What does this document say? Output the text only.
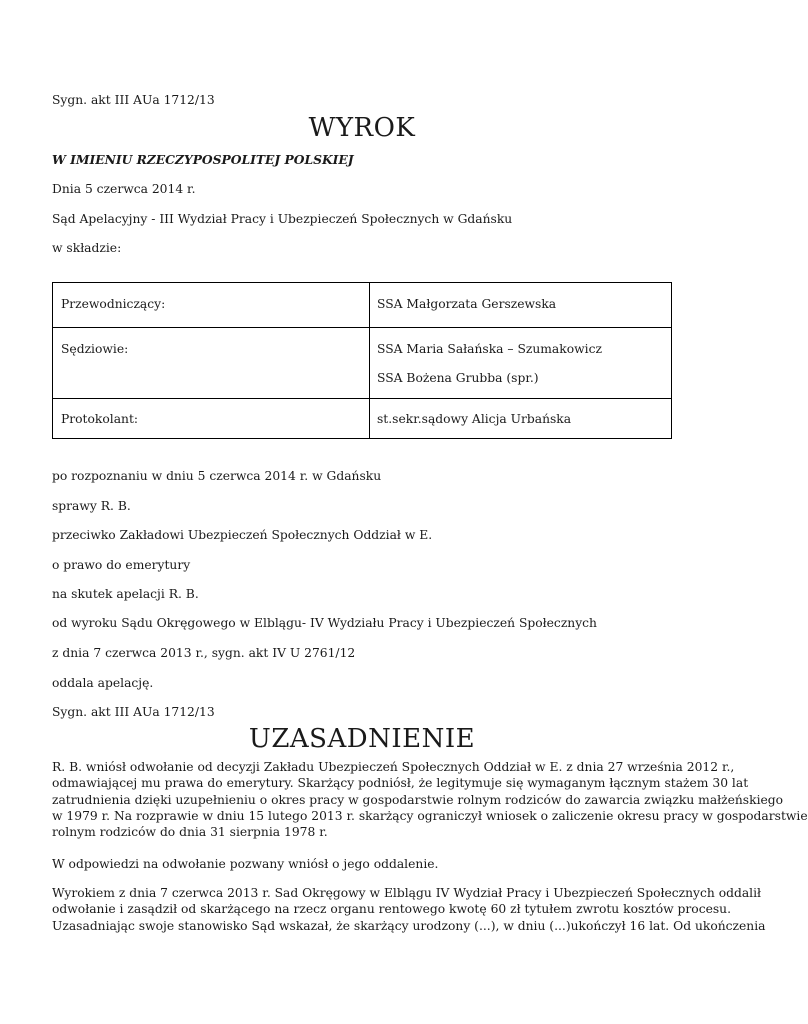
Sygn. akt III AUa 1712/13
WYROK
W IMIENIU RZECZYPOSPOLITEJ POLSKIEJ
Dnia 5 czerwca 2014 r.
Sąd Apelacyjny - III Wydział Pracy i Ubezpieczeń Społecznych w Gdańsku
w składzie:
Przewodniczący:	SSA Małgorzata Gerszewska
Sędziowie:	SSA Maria Sałańska – Szumakowicz
SSA Bożena Grubba (spr.)
Protokolant:	st.sekr.sądowy Alicja Urbańska
po rozpoznaniu w dniu 5 czerwca 2014 r. w Gdańsku
sprawy R. B.
przeciwko Zakładowi Ubezpieczeń Społecznych Oddział w E.
o prawo do emerytury
na skutek apelacji R. B.
od wyroku Sądu Okręgowego w Elblągu- IV Wydziału Pracy i Ubezpieczeń Społecznych
z dnia 7 czerwca 2013 r., sygn. akt IV U 2761/12
oddala apelację.
Sygn. akt III AUa 1712/13
UZASADNIENIE
R. B. wniósł odwołanie od decyzji Zakładu Ubezpieczeń Społecznych Oddział w E. z dnia 27 września 2012 r.,
odmawiającej mu prawa do emerytury. Skarżący podniósł, że legitymuje się wymaganym łącznym stażem 30 lat
zatrudnienia dzięki uzupełnieniu o okres pracy w gospodarstwie rolnym rodziców do zawarcia związku małżeńskiego
w 1979 r. Na rozprawie w dniu 15 lutego 2013 r. skarżący ograniczył wniosek o zaliczenie okresu pracy w gospodarstwie
rolnym rodziców do dnia 31 sierpnia 1978 r.
W odpowiedzi na odwołanie pozwany wniósł o jego oddalenie.
Wyrokiem z dnia 7 czerwca 2013 r. Sad Okręgowy w Elblągu IV Wydział Pracy i Ubezpieczeń Społecznych oddalił
odwołanie i zasądził od skarżącego na rzecz organu rentowego kwotę 60 zł tytułem zwrotu kosztów procesu.
Uzasadniając swoje stanowisko Sąd wskazał, że skarżący urodzony (...), w dniu (...)ukończył 16 lat. Od ukończenia
